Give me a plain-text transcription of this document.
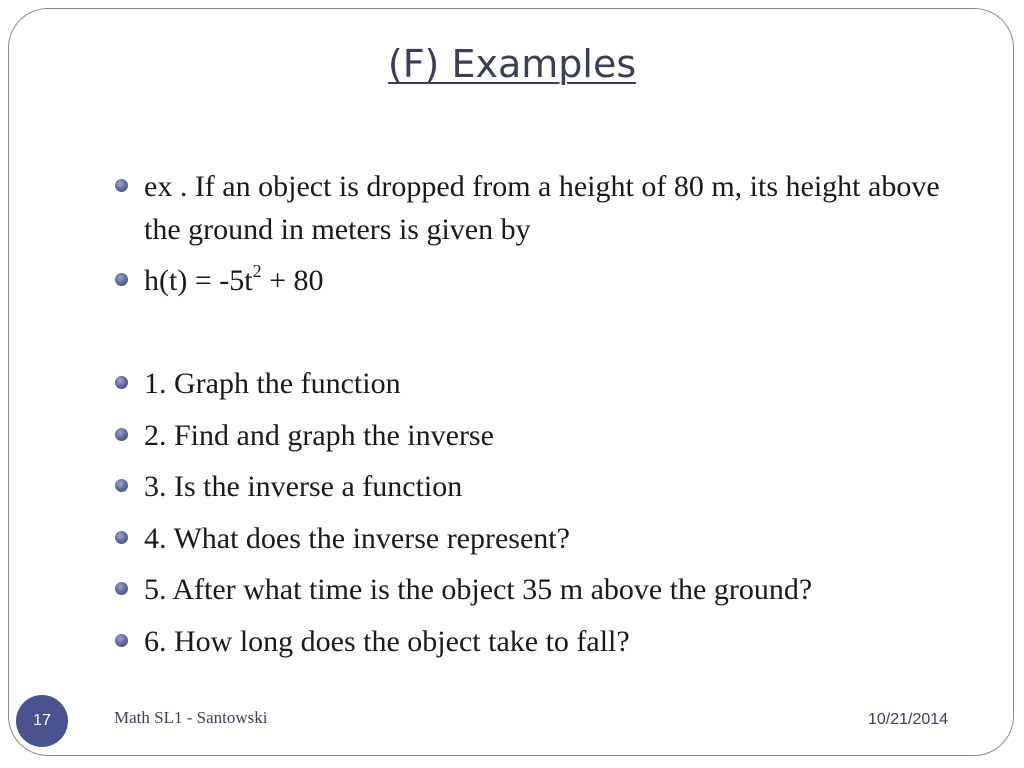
(F) Examples
ex . If an object is dropped from a height of 80 m, its height above the ground in meters is given by
$h(t) = -5t^2 + 80$
1. Graph the function
2. Find and graph the inverse
3. Is the inverse a function
4. What does the inverse represent?
5. After what time is the object 35 m above the ground?
6. How long does the object take to fall?
17	Math SL1 - Santowski	10/21/2014
